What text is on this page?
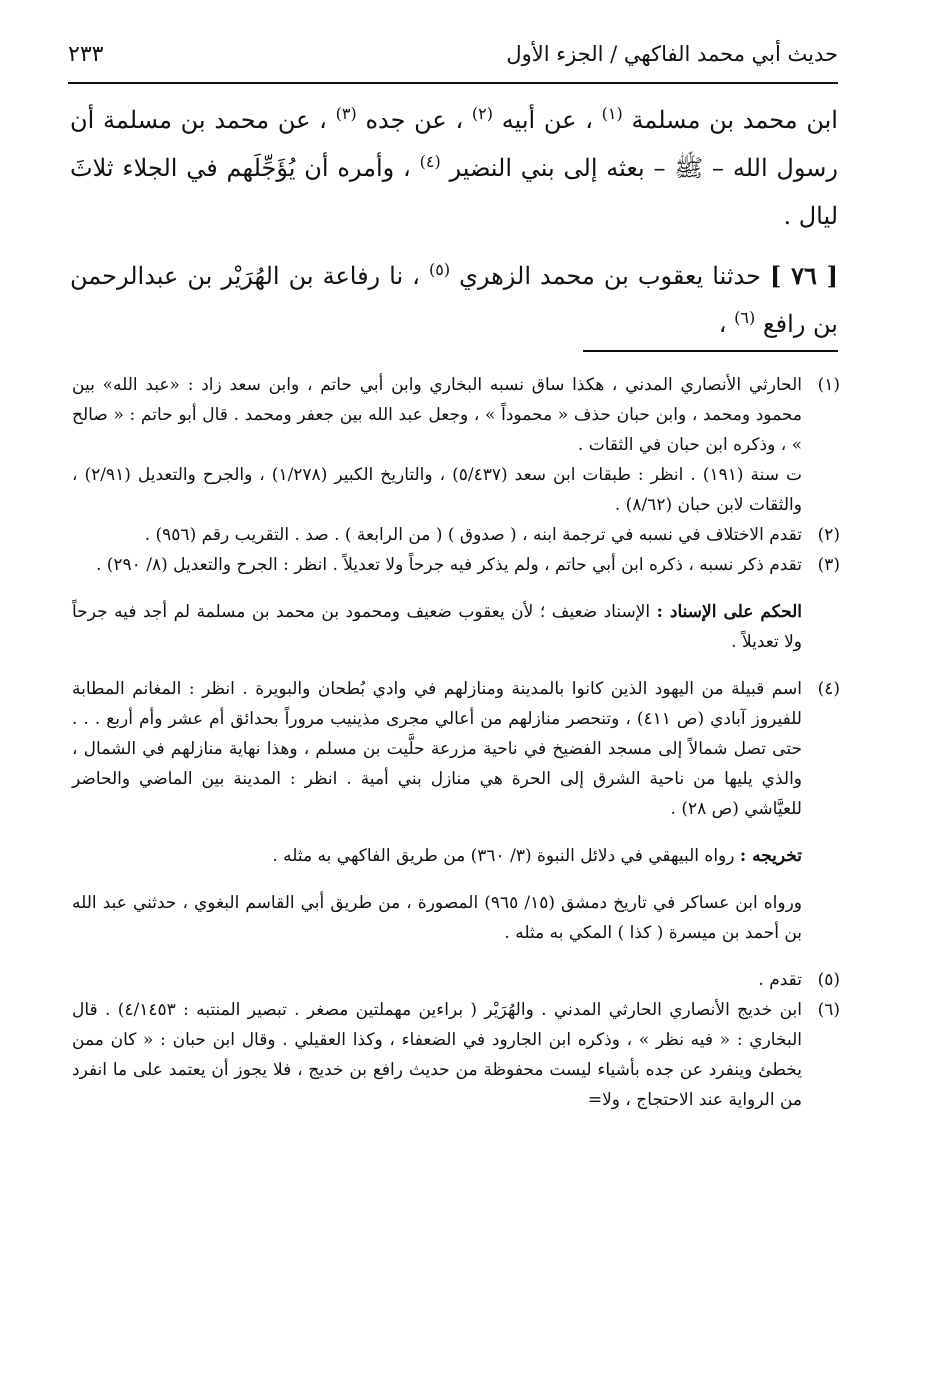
حديث أبي محمد الفاكهي / الجزء الأول
٢٣٣

ابن محمد بن مسلمة $^{(١)}$ ، عن أبيه $^{(٢)}$ ، عن جده $^{(٣)}$ ، عن محمد بن مسلمة أن رسول الله – ﷺ – بعثه إلى بني النضير $^{(٤)}$ ، وأمره أن يُؤَجِّلَهم في الجلاء ثلاثَ ليال .

[ ٧٦ ] حدثنا يعقوب بن محمد الزهري $^{(٥)}$ ، نا رفاعة بن الهُرَيْر بن عبدالرحمن بن رافع $^{(٦)}$ ،

(١)

الحارثي الأنصاري المدني ، هكذا ساق نسبه البخاري وابن أبي حاتم ، وابن سعد زاد : «عبد الله» بين محمود ومحمد ، وابن حبان حذف « محموداً » ، وجعل عبد الله بين جعفر ومحمد . قال أبو حاتم : « صالح » ، وذكره ابن حبان في الثقات .

ت سنة (١٩١) . انظر : طبقات ابن سعد (٥/٤٣٧) ، والتاريخ الكبير (١/٢٧٨) ، والجرح والتعديل (٢/٩١) ، والثقات لابن حبان (٨/٦٢) .

(٢)

تقدم الاختلاف في نسبه في ترجمة ابنه ، ( صدوق ) ( من الرابعة ) . صد . التقريب رقم (٩٥٦) .

(٣)

تقدم ذكر نسبه ، ذكره ابن أبي حاتم ، ولم يذكر فيه جرحاً ولا تعديلاً . انظر : الجرح والتعديل (٨/ ٢٩٠) .

الحكم على الإسناد : الإسناد ضعيف ؛ لأن يعقوب ضعيف ومحمود بن محمد بن مسلمة لم أجد فيه جرحاً ولا تعديلاً .

(٤)

اسم قبيلة من اليهود الذين كانوا بالمدينة ومنازلهم في وادي بُطحان والبويرة . انظر : المغانم المطابة للفيروز آبادي (ص ٤١١) ، وتنحصر منازلهم من أعالي مجرى مذينيب مروراً بحدائق أم عشر وأم أربع . . . حتى تصل شمالاً إلى مسجد الفضيخ في ناحية مزرعة حلَّيت بن مسلم ، وهذا نهاية منازلهم في الشمال ، والذي يليها من ناحية الشرق إلى الحرة هي منازل بني أمية . انظر : المدينة بين الماضي والحاضر للعيَّاشي (ص ٢٨) .

تخريجه : رواه البيهقي في دلائل النبوة (٣/ ٣٦٠) من طريق الفاكهي به مثله .

ورواه ابن عساكر في تاريخ دمشق (١٥/ ٩٦٥) المصورة ، من طريق أبي القاسم البغوي ، حدثني عبد الله بن أحمد بن ميسرة ( كذا ) المكي به مثله .

(٥)

تقدم .

(٦)

ابن خديج الأنصاري الحارثي المدني . والهُرَيْر ( براءين مهملتين مصغر . تبصير المنتبه : ٤/١٤٥٣) . قال البخاري : « فيه نظر » ، وذكره ابن الجارود في الضعفاء ، وكذا العقيلي . وقال ابن حبان : « كان ممن يخطئ وينفرد عن جده بأشياء ليست محفوظة من حديث رافع بن خديج ، فلا يجوز أن يعتمد على ما انفرد من الرواية عند الاحتجاج ، ولا=
